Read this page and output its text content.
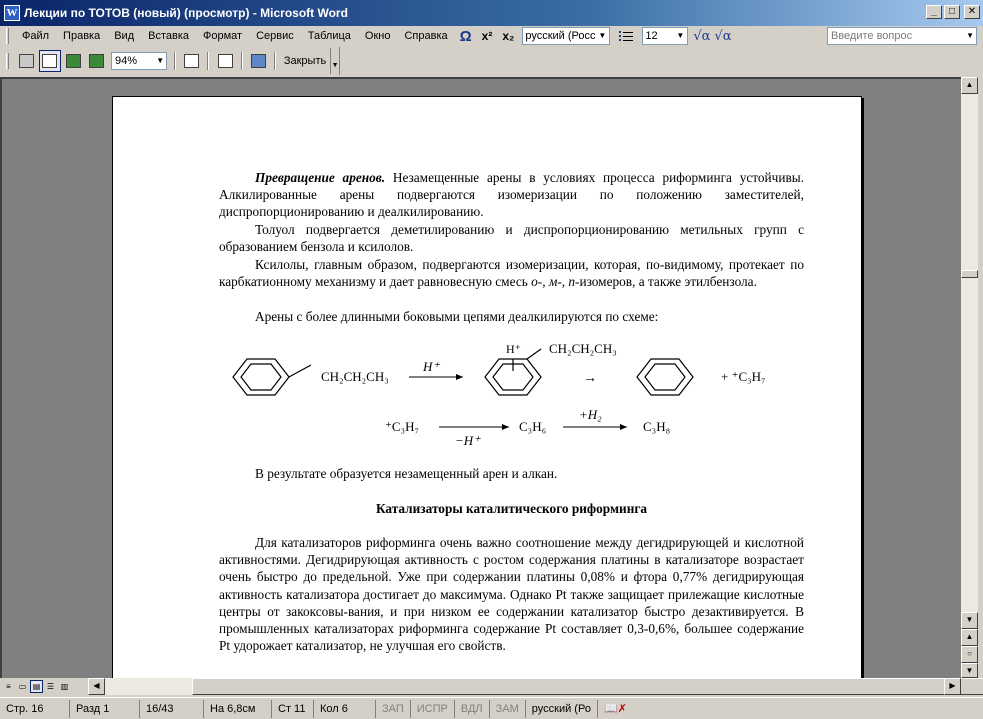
W Лекции по ТОТОВ (новый) (просмотр) - Microsoft Word	_	□	✕
Файл	Правка	Вид	Вставка	Формат	Сервис	Таблица	Окно	Справка Ω x² x₂	русский (Росс ▼	12 ▼ √α √α	Введите вопрос	▼
94% ▼	Закрыть ▼
Превращение аренов. Незамещенные арены в условиях процесса риформинга устойчивы. Алкилированные арены подвергаются изомеризации по положению заместителей, диспропорционированию и деалкилированию.
Толуол подвергается деметилированию и диспропорционированию метильных групп с образованием бензола и ксилолов.
Ксилолы, главным образом, подвергаются изомеризации, которая, по-видимому, протекает по карбкатионному механизму и дает равновесную смесь о-, м-, п-изомеров, а также этилбензола.
Арены с более длинными боковыми цепями деалкилируются по схеме:
CH₂CH₂CH₃
H⁺
H⁺ CH₂CH₂CH₃
→	+ ⁺C₃H₇
⁺C₃H₇
−H⁺
C₃H₆
+H₂
C₃H₈
В результате образуется незамещенный арен и алкан.
Катализаторы каталитического риформинга
Для катализаторов риформинга очень важно соотношение между дегидрирующей и кислотной активностями. Дегидрирующая активность с ростом содержания платины в катализаторе возрастает очень быстро до предельной. Уже при содержании платины 0,08% и фтора 0,77% дегидрирующая активность катализатора достигает до максимума. Однако Pt также защищает прилежащие кислотные центры от закоксовы-вания, и при низком ее содержании катализатор быстро дезактивируется. В промышленных катализаторах риформинга содержание Pt составляет 0,3-0,6%, большее содержание Pt удорожает катализатор, не улучшая его свойств.
▲
▼
▲
○
▼
≡ ▭ ▤ ☰ ▥	◀	▶
Стр. 16	Разд 1	16/43	На 6,8см	Ст 11	Кол 6	ЗАП	ИСПР	ВДЛ	ЗАМ	русский (Ро	📖✗
